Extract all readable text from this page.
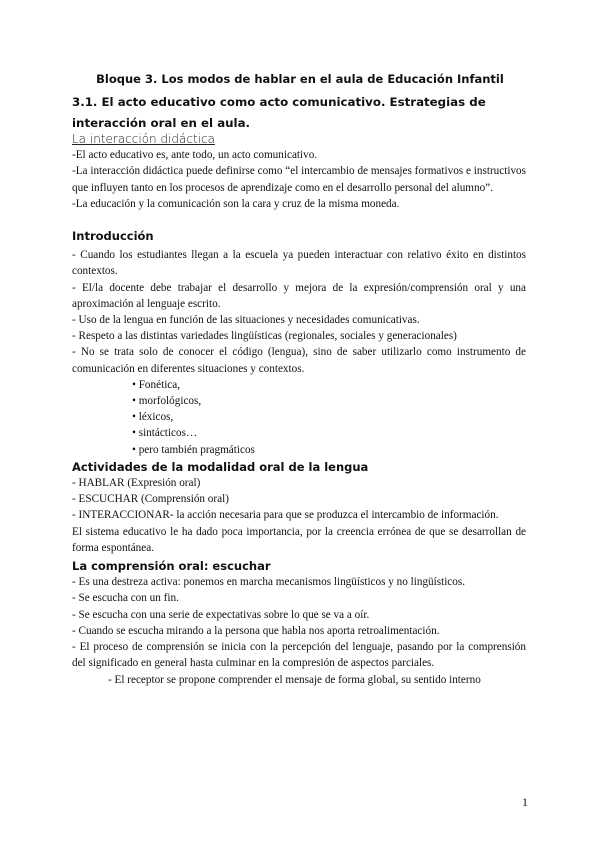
Bloque 3. Los modos de hablar en el aula de Educación Infantil
3.1. El acto educativo como acto comunicativo. Estrategias de interacción oral en el aula.
La interacción didáctica

-El acto educativo es, ante todo, un acto comunicativo.

-La interacción didáctica puede definirse como “el intercambio de mensajes formativos e instructivos que influyen tanto en los procesos de aprendizaje como en el desarrollo personal del alumno”.

-La educación y la comunicación son la cara y cruz de la misma moneda.

Introducción

- Cuando los estudiantes llegan a la escuela ya pueden interactuar con relativo éxito en distintos contextos.

- El/la docente debe trabajar el desarrollo y mejora de la expresión/comprensión oral y una aproximación al lenguaje escrito.

- Uso de la lengua en función de las situaciones y necesidades comunicativas.

- Respeto a las distintas variedades lingüísticas (regionales, sociales y generacionales)

- No se trata solo de conocer el código (lengua), sino de saber utilizarlo como instrumento de comunicación en diferentes situaciones y contextos.

• Fonética,
• morfológicos,
• léxicos,
• sintácticos…
• pero también pragmáticos

Actividades de la modalidad oral de la lengua

- HABLAR (Expresión oral)

- ESCUCHAR (Comprensión oral)

- INTERACCIONAR- la acción necesaria para que se produzca el intercambio de información.

El sistema educativo le ha dado poca importancia, por la creencia errónea de que se desarrollan de forma espontánea.

La comprensión oral: escuchar

- Es una destreza activa: ponemos en marcha mecanismos lingüísticos y no lingüísticos.

- Se escucha con un fin.

- Se escucha con una serie de expectativas sobre lo que se va a oír.

- Cuando se escucha mirando a la persona que habla nos aporta retroalimentación.

- El proceso de comprensión se inicia con la percepción del lenguaje, pasando por la comprensión del significado en general hasta culminar en la compresión de aspectos parciales.

- El receptor se propone comprender el mensaje de forma global, su sentido interno

1
